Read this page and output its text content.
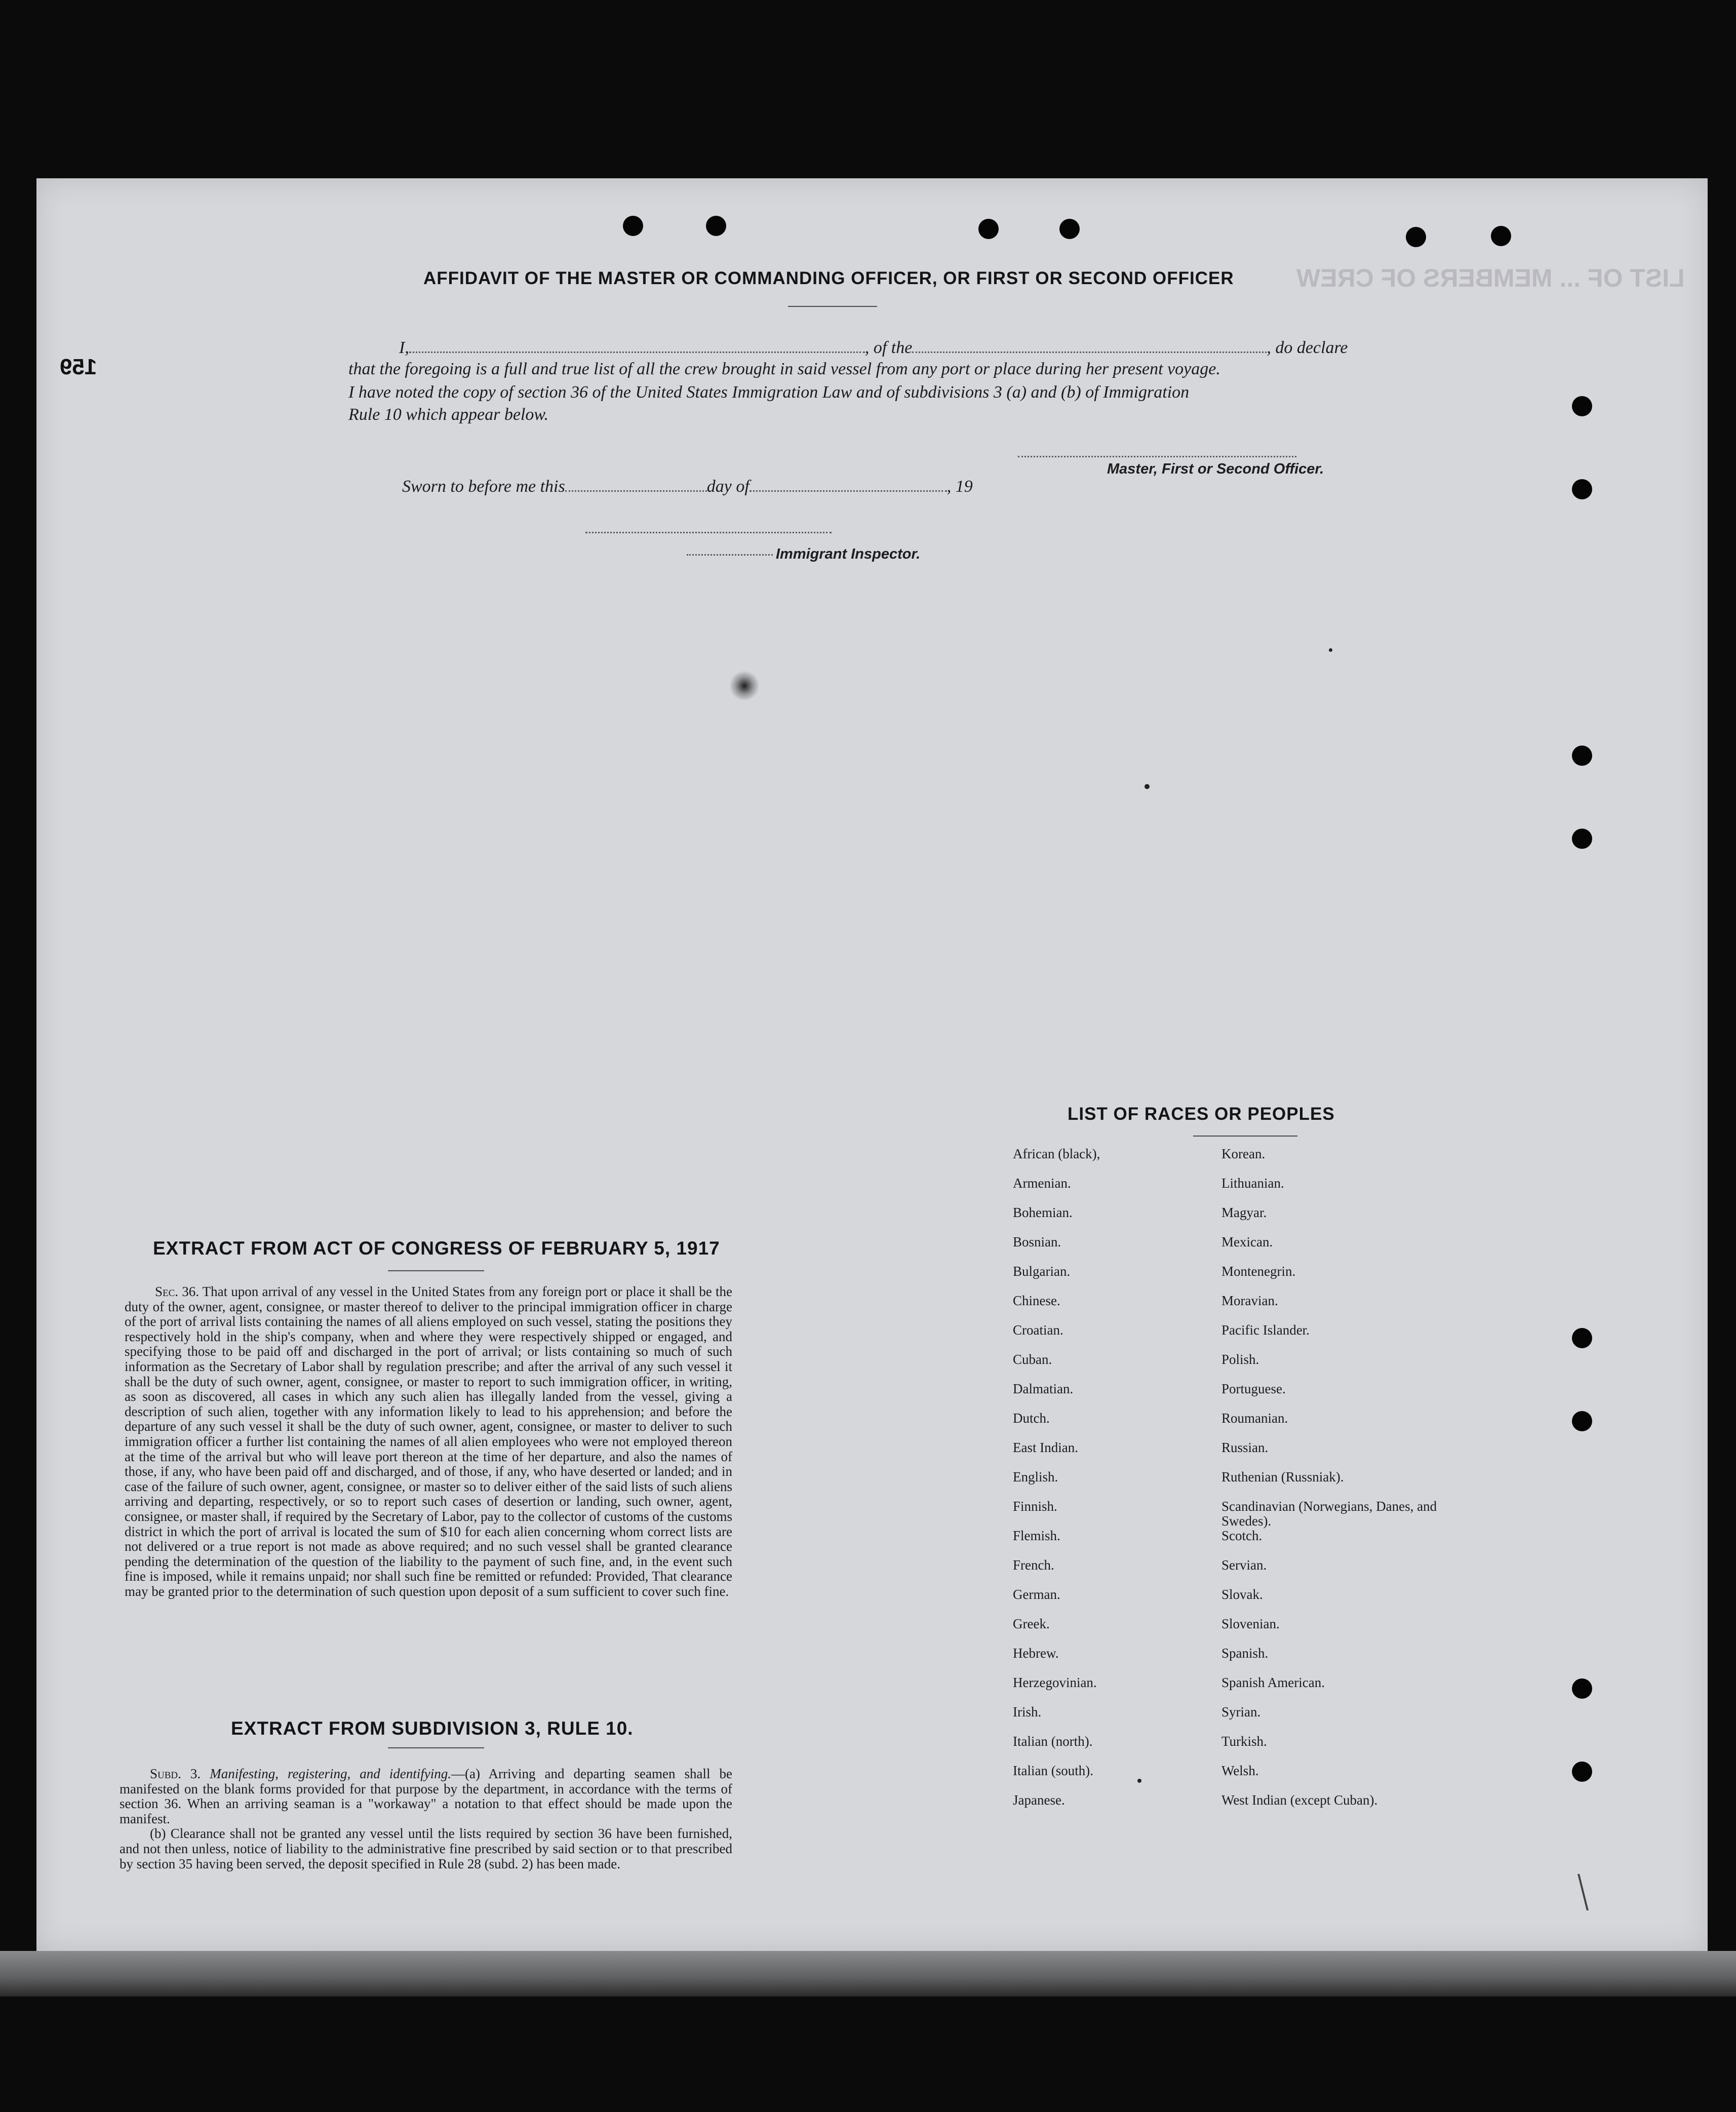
LIST OF ... MEMBERS OF CREW
159
AFFIDAVIT OF THE MASTER OR COMMANDING OFFICER, OR FIRST OR SECOND OFFICER
I,	, of the	, do declare
that the foregoing is a full and true list of all the crew brought in said vessel from any port or place during her present voyage.
I have noted the copy of section 36 of the United States Immigration Law and of subdivisions 3 (a) and (b) of Immigration
Rule 10 which appear below.
Master, First or Second Officer.
Sworn to before me this	day of	, 19
Immigrant Inspector.
EXTRACT FROM ACT OF CONGRESS OF FEBRUARY 5, 1917

Sec. 36. That upon arrival of any vessel in the United States from any foreign port or place it shall be the duty of the owner, agent, consignee, or master thereof to deliver to the principal immigration officer in charge of the port of arrival lists containing the names of all aliens employed on such vessel, stating the positions they respectively hold in the ship's company, when and where they were respectively shipped or engaged, and specifying those to be paid off and discharged in the port of arrival; or lists containing so much of such information as the Secretary of Labor shall by regulation prescribe; and after the arrival of any such vessel it shall be the duty of such owner, agent, consignee, or master to report to such immigration officer, in writing, as soon as discovered, all cases in which any such alien has illegally landed from the vessel, giving a description of such alien, together with any information likely to lead to his apprehension; and before the departure of any such vessel it shall be the duty of such owner, agent, consignee, or master to deliver to such immigration officer a further list containing the names of all alien employees who were not employed thereon at the time of the arrival but who will leave port thereon at the time of her departure, and also the names of those, if any, who have been paid off and discharged, and of those, if any, who have deserted or landed; and in case of the failure of such owner, agent, consignee, or master so to deliver either of the said lists of such aliens arriving and departing, respectively, or so to report such cases of desertion or landing, such owner, agent, consignee, or master shall, if required by the Secretary of Labor, pay to the collector of customs of the customs district in which the port of arrival is located the sum of $10 for each alien concerning whom correct lists are not delivered or a true report is not made as above required; and no such vessel shall be granted clearance pending the determination of the question of the liability to the payment of such fine, and, in the event such fine is imposed, while it remains unpaid; nor shall such fine be remitted or refunded: Provided, That clearance may be granted prior to the determination of such question upon deposit of a sum sufficient to cover such fine.

EXTRACT FROM SUBDIVISION 3, RULE 10.

Subd. 3. Manifesting, registering, and identifying.—(a) Arriving and departing seamen shall be manifested on the blank forms provided for that purpose by the department, in accordance with the terms of section 36. When an arriving seaman is a "workaway" a notation to that effect should be made upon the manifest.

(b) Clearance shall not be granted any vessel until the lists required by section 36 have been furnished, and not then unless, notice of liability to the administrative fine prescribed by said section or to that prescribed by section 35 having been served, the deposit specified in Rule 28 (subd. 2) has been made.

LIST OF RACES OR PEOPLES
African (black),	Korean.
Armenian.	Lithuanian.
Bohemian.	Magyar.
Bosnian.	Mexican.
Bulgarian.	Montenegrin.
Chinese.	Moravian.
Croatian.	Pacific Islander.
Cuban.	Polish.
Dalmatian.	Portuguese.
Dutch.	Roumanian.
East Indian.	Russian.
English.	Ruthenian (Russniak).
Finnish.	Scandinavian (Norwegians, Danes, and Swedes).
Flemish.	Scotch.
French.	Servian.
German.	Slovak.
Greek.	Slovenian.
Hebrew.	Spanish.
Herzegovinian.	Spanish American.
Irish.	Syrian.
Italian (north).	Turkish.
Italian (south).	Welsh.
Japanese.	West Indian (except Cuban).
